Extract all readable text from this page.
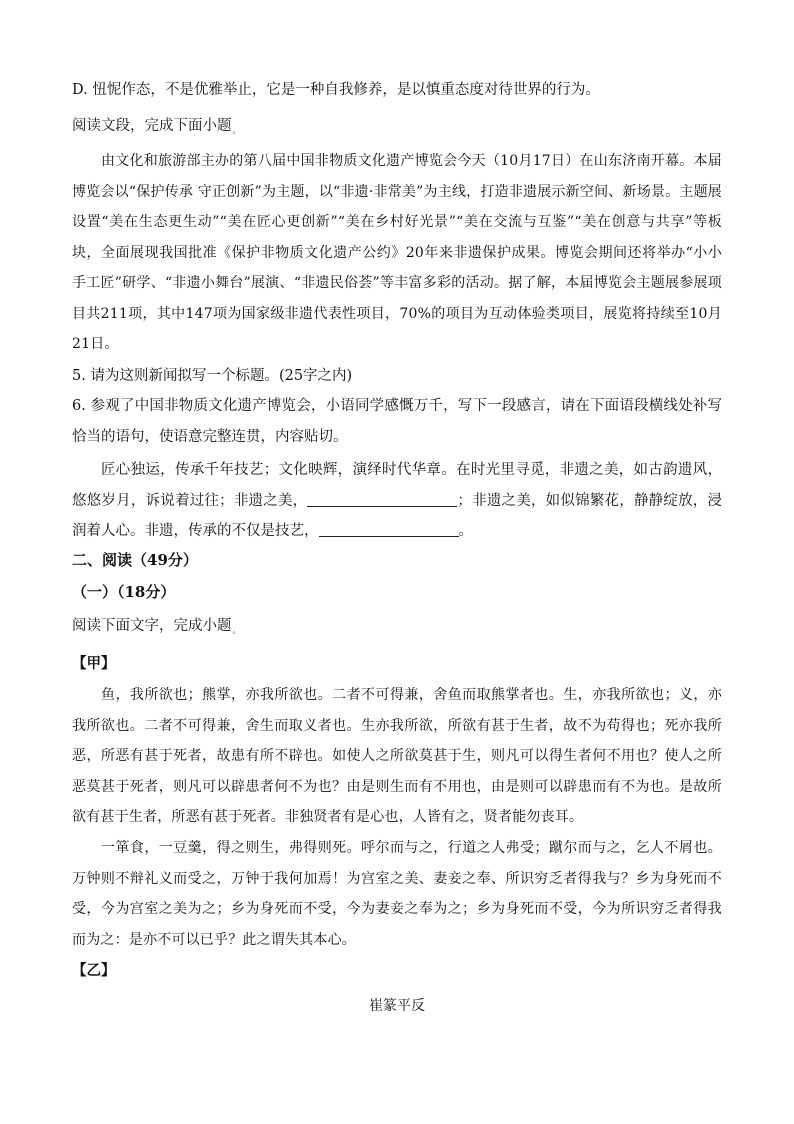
D. 忸怩作态，不是优雅举止，它是一种自我修养，是以慎重态度对待世界的行为。
阅读文段，完成下面小题$_。$
由文化和旅游部主办的第八届中国非物质文化遗产博览会今天（10月17日）在山东济南开幕。本届博览会以“保护传承 守正创新”为主题，以“非遗·非常美”为主线，打造非遗展示新空间、新场景。主题展设置“美在生态更生动”“美在匠心更创新”“美在乡村好光景”“美在交流与互鉴”“美在创意与共享”等板块，全面展现我国批准《保护非物质文化遗产公约》20年来非遗保护成果。博览会期间还将举办“小小手工匠”研学、“非遗小舞台”展演、“非遗民俗荟”等丰富多彩的活动。据了解，本届博览会主题展参展项目共211项，其中147项为国家级非遗代表性项目，70%的项目为互动体验类项目，展览将持续至10月21日。
5. 请为这则新闻拟写一个标题。(25字之内)
6. 参观了中国非物质文化遗产博览会，小语同学感慨万千，写下一段感言，请在下面语段横线处补写恰当的语句，使语意完整连贯，内容贴切。
匠心独运，传承千年技艺；文化映辉，演绎时代华章。在时光里寻觅，非遗之美，如古韵遗风，悠悠岁月，诉说着过往；非遗之美，	；非遗之美，如似锦繁花，静静绽放，浸润着人心。非遗，传承的不仅是技艺，	。
二、阅读（49分）
（一）（18分）
阅读下面文字，完成小题$_。$
【甲】
鱼，我所欲也；熊掌，亦我所欲也。二者不可得兼，舍鱼而取熊掌者也。生，亦我所欲也；义，亦我所欲也。二者不可得兼，舍生而取义者也。生亦我所欲，所欲有甚于生者，故不为苟得也；死亦我所恶，所恶有甚于死者，故患有所不辟也。如使人之所欲莫甚于生，则凡可以得生者何不用也？使人之所恶莫甚于死者，则凡可以辟患者何不为也？由是则生而有不用也，由是则可以辟患而有不为也。是故所欲有甚于生者，所恶有甚于死者。非独贤者有是心也，人皆有之，贤者能勿丧耳。
一箪食，一豆羹，得之则生，弗得则死。呼尔而与之，行道之人弗受；蹴尔而与之，乞人不屑也。万钟则不辩礼义而受之，万钟于我何加焉！为宫室之美、妻妾之奉、所识穷乏者得我与？乡为身死而不受，今为宫室之美为之；乡为身死而不受，今为妻妾之奉为之；乡为身死而不受，今为所识穷乏者得我而为之：是亦不可以已乎？此之谓失其本心。
【乙】
崔篆平反
